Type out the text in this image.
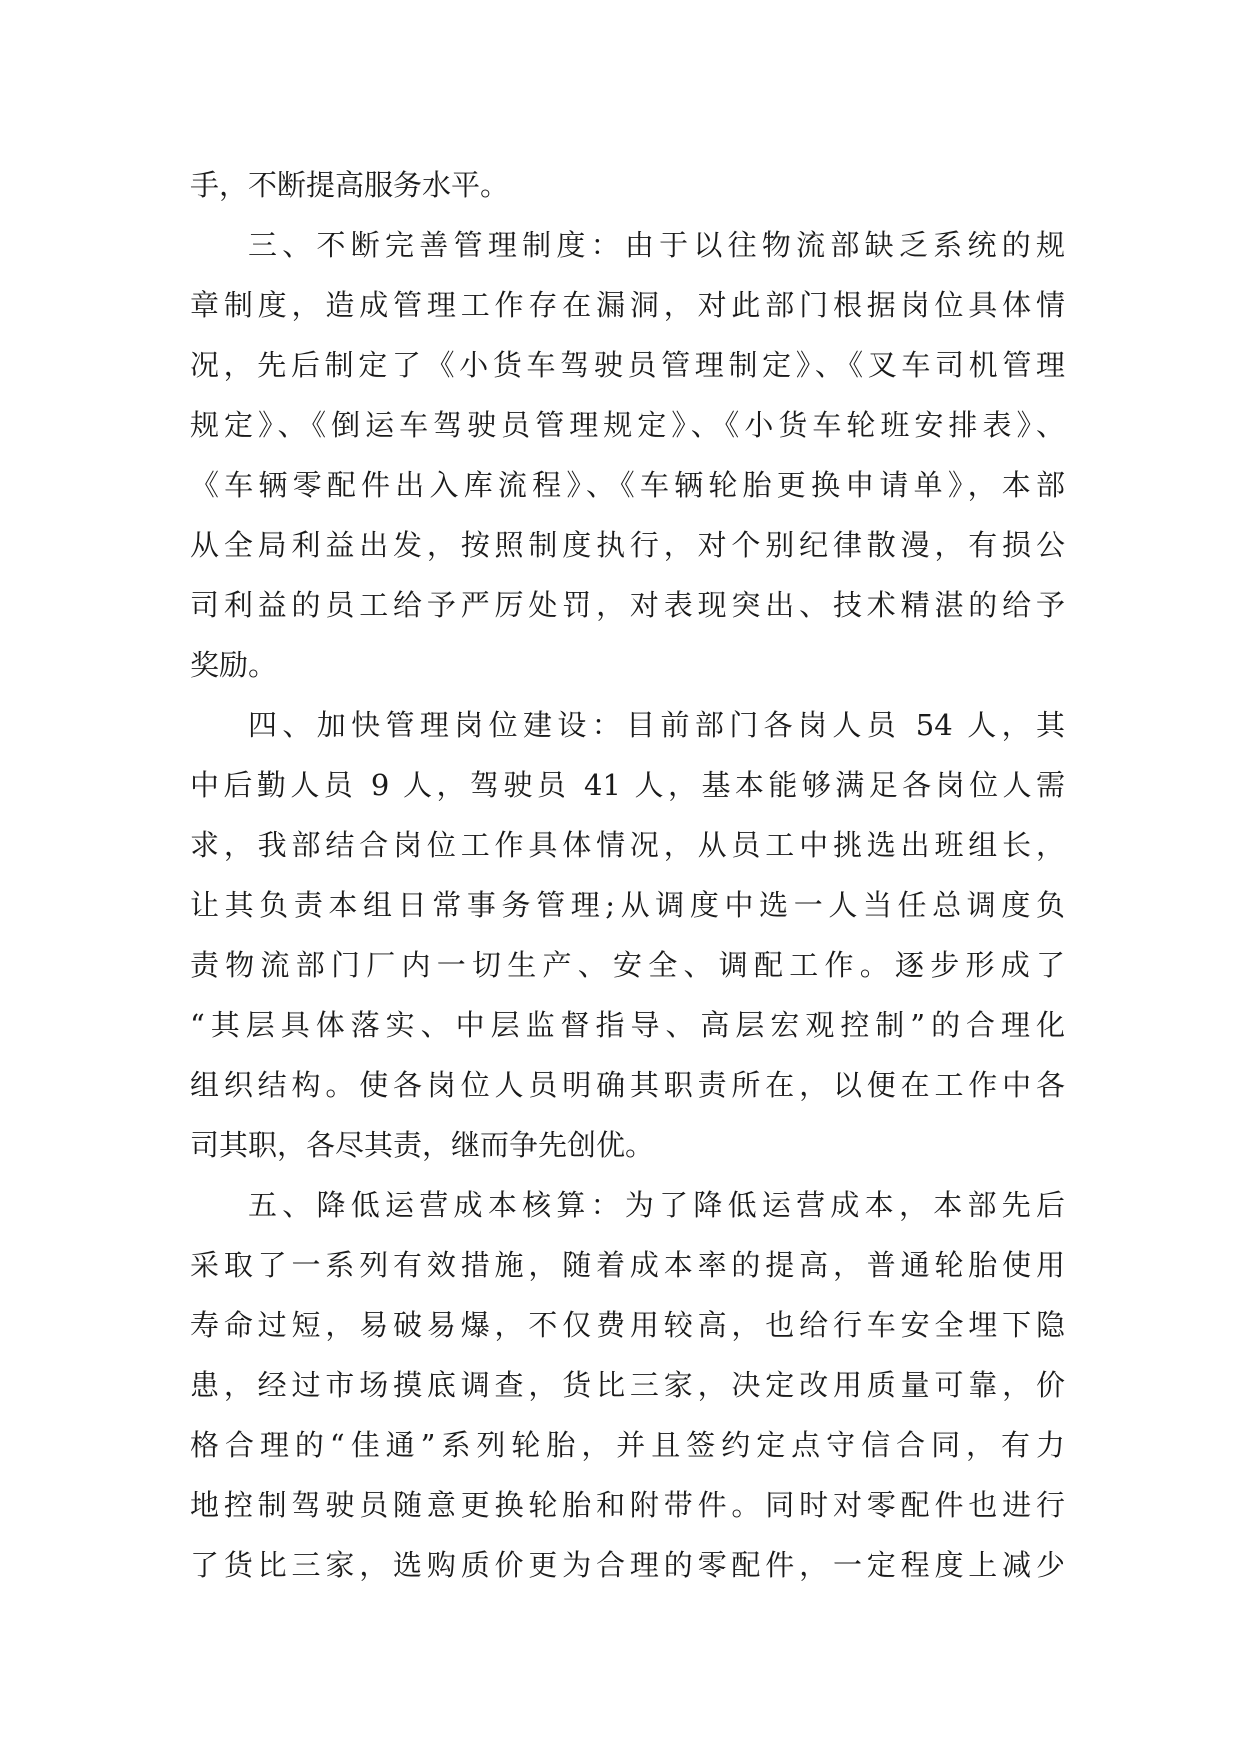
手，不断提高服务水平。
三、不断完善管理制度：由于以往物流部缺乏系统的规
章制度，造成管理工作存在漏洞，对此部门根据岗位具体情
况，先后制定了《小货车驾驶员管理制定》、《叉车司机管理
规定》、《倒运车驾驶员管理规定》、《小货车轮班安排表》、
《车辆零配件出入库流程》、《车辆轮胎更换申请单》，本部
从全局利益出发，按照制度执行，对个别纪律散漫，有损公
司利益的员工给予严厉处罚，对表现突出、技术精湛的给予
奖励。
四、加快管理岗位建设：目前部门各岗人员 54 人，其
中后勤人员 9 人，驾驶员 41 人，基本能够满足各岗位人需
求，我部结合岗位工作具体情况，从员工中挑选出班组长，
让其负责本组日常事务管理;从调度中选一人当任总调度负
责物流部门厂内一切生产、安全、调配工作。逐步形成了
“其层具体落实、中层监督指导、高层宏观控制”的合理化
组织结构。使各岗位人员明确其职责所在，以便在工作中各
司其职，各尽其责，继而争先创优。
五、降低运营成本核算：为了降低运营成本，本部先后
采取了一系列有效措施，随着成本率的提高，普通轮胎使用
寿命过短，易破易爆，不仅费用较高，也给行车安全埋下隐
患，经过市场摸底调查，货比三家，决定改用质量可靠，价
格合理的“佳通”系列轮胎，并且签约定点守信合同，有力
地控制驾驶员随意更换轮胎和附带件。同时对零配件也进行
了货比三家，选购质价更为合理的零配件，一定程度上减少
